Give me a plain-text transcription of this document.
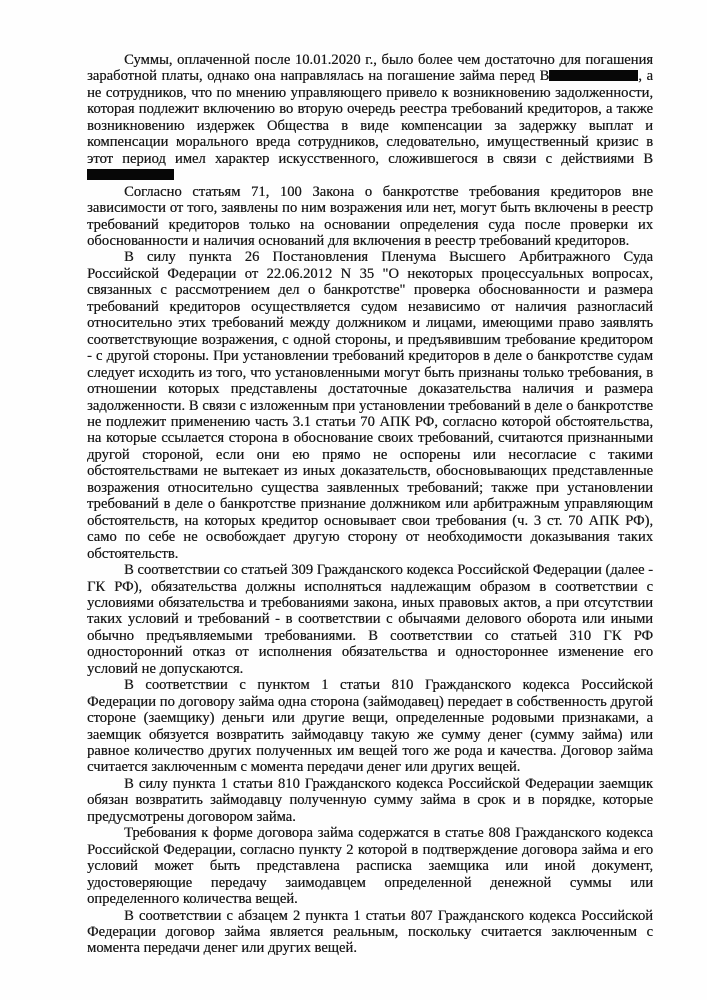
Суммы, оплаченной после 10.01.2020 г., было более чем достаточно для погашения заработной платы, однако она направлялась на погашение займа перед В	, а не сотрудников, что по мнению управляющего привело к возникновению задолженности, которая подлежит включению во вторую очередь реестра требований кредиторов, а также возникновению издержек Общества в виде компенсации за задержку выплат и компенсации морального вреда сотрудников, следовательно, имущественный кризис в этот период имел характер искусственного, сложившегося в связи с действиями В

Согласно статьям 71, 100 Закона о банкротстве требования кредиторов вне зависимости от того, заявлены по ним возражения или нет, могут быть включены в реестр требований кредиторов только на основании определения суда после проверки их обоснованности и наличия оснований для включения в реестр требований кредиторов.

В силу пункта 26 Постановления Пленума Высшего Арбитражного Суда Российской Федерации от 22.06.2012 N 35 "О некоторых процессуальных вопросах, связанных с рассмотрением дел о банкротстве" проверка обоснованности и размера требований кредиторов осуществляется судом независимо от наличия разногласий относительно этих требований между должником и лицами, имеющими право заявлять соответствующие возражения, с одной стороны, и предъявившим требование кредитором - с другой стороны. При установлении требований кредиторов в деле о банкротстве судам следует исходить из того, что установленными могут быть признаны только требования, в отношении которых представлены достаточные доказательства наличия и размера задолженности. В связи с изложенным при установлении требований в деле о банкротстве не подлежит применению часть 3.1 статьи 70 АПК РФ, согласно которой обстоятельства, на которые ссылается сторона в обоснование своих требований, считаются признанными другой стороной, если они ею прямо не оспорены или несогласие с такими обстоятельствами не вытекает из иных доказательств, обосновывающих представленные возражения относительно существа заявленных требований; также при установлении требований в деле о банкротстве признание должником или арбитражным управляющим обстоятельств, на которых кредитор основывает свои требования (ч. 3 ст. 70 АПК РФ), само по себе не освобождает другую сторону от необходимости доказывания таких обстоятельств.

В соответствии со статьей 309 Гражданского кодекса Российской Федерации (далее - ГК РФ), обязательства должны исполняться надлежащим образом в соответствии с условиями обязательства и требованиями закона, иных правовых актов, а при отсутствии таких условий и требований - в соответствии с обычаями делового оборота или иными обычно предъявляемыми требованиями. В соответствии со статьей 310 ГК РФ односторонний отказ от исполнения обязательства и одностороннее изменение его условий не допускаются.

В соответствии с пунктом 1 статьи 810 Гражданского кодекса Российской Федерации по договору займа одна сторона (займодавец) передает в собственность другой стороне (заемщику) деньги или другие вещи, определенные родовыми признаками, а заемщик обязуется возвратить займодавцу такую же сумму денег (сумму займа) или равное количество других полученных им вещей того же рода и качества. Договор займа считается заключенным с момента передачи денег или других вещей.

В силу пункта 1 статьи 810 Гражданского кодекса Российской Федерации заемщик обязан возвратить займодавцу полученную сумму займа в срок и в порядке, которые предусмотрены договором займа.

Требования к форме договора займа содержатся в статье 808 Гражданского кодекса Российской Федерации, согласно пункту 2 которой в подтверждение договора займа и его условий может быть представлена расписка заемщика или иной документ, удостоверяющие передачу заимодавцем определенной денежной суммы или определенного количества вещей.

В соответствии с абзацем 2 пункта 1 статьи 807 Гражданского кодекса Российской Федерации договор займа является реальным, поскольку считается заключенным с момента передачи денег или других вещей.
